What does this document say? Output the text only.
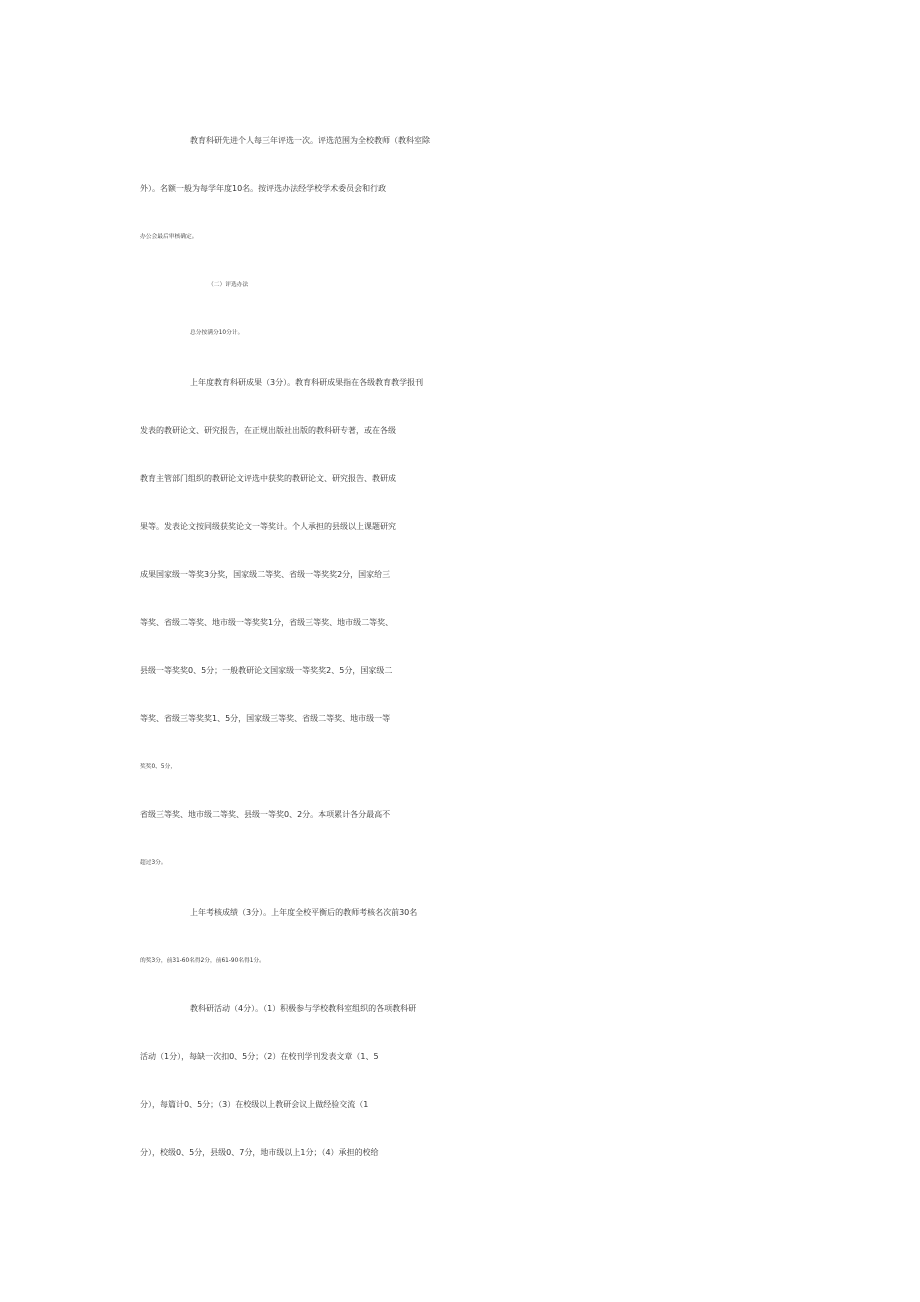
教育科研先进个人每三年评选一次。评选范围为全校教师（教科室除
外）。名额一般为每学年度10名。按评选办法经学校学术委员会和行政
办公会最后审核确定。
（二）评选办法
总分按满分10分计。
上年度教育科研成果（3分）。教育科研成果指在各级教育教学报刊
发表的教研论文、研究报告，在正规出版社出版的教科研专著，或在各级
教育主管部门组织的教研论文评选中获奖的教研论文、研究报告、教研成
果等。发表论文按同级获奖论文一等奖计。个人承担的县级以上课题研究
成果国家级一等奖3分奖，国家级二等奖、省级一等奖奖2分，国家给三
等奖、省级二等奖、地市级一等奖奖1分，省级三等奖、地市级二等奖、
县级一等奖奖0、5分；一般教研论文国家级一等奖奖2、5分，国家级二
等奖、省级三等奖奖1、5分，国家级三等奖、省级二等奖、地市级一等
奖奖0、5分，
省级三等奖、地市级二等奖、县级一等奖0、2分。本项累计各分最高不
超过3分。
上年考核成绩（3分）。上年度全校平衡后的教师考核名次前30名
的奖3分，前31-60名得2分，前61-90名得1分。
教科研活动（4分）。（1）积极参与学校教科室组织的各项教科研
活动（1分），每缺一次扣0、5分；（2）在校刊学刊发表文章（1、5
分），每篇计0、5分；（3）在校级以上教研会议上做经验交流（1
分），校级0、5分，县级0、7分，地市级以上1分；（4）承担的校给
